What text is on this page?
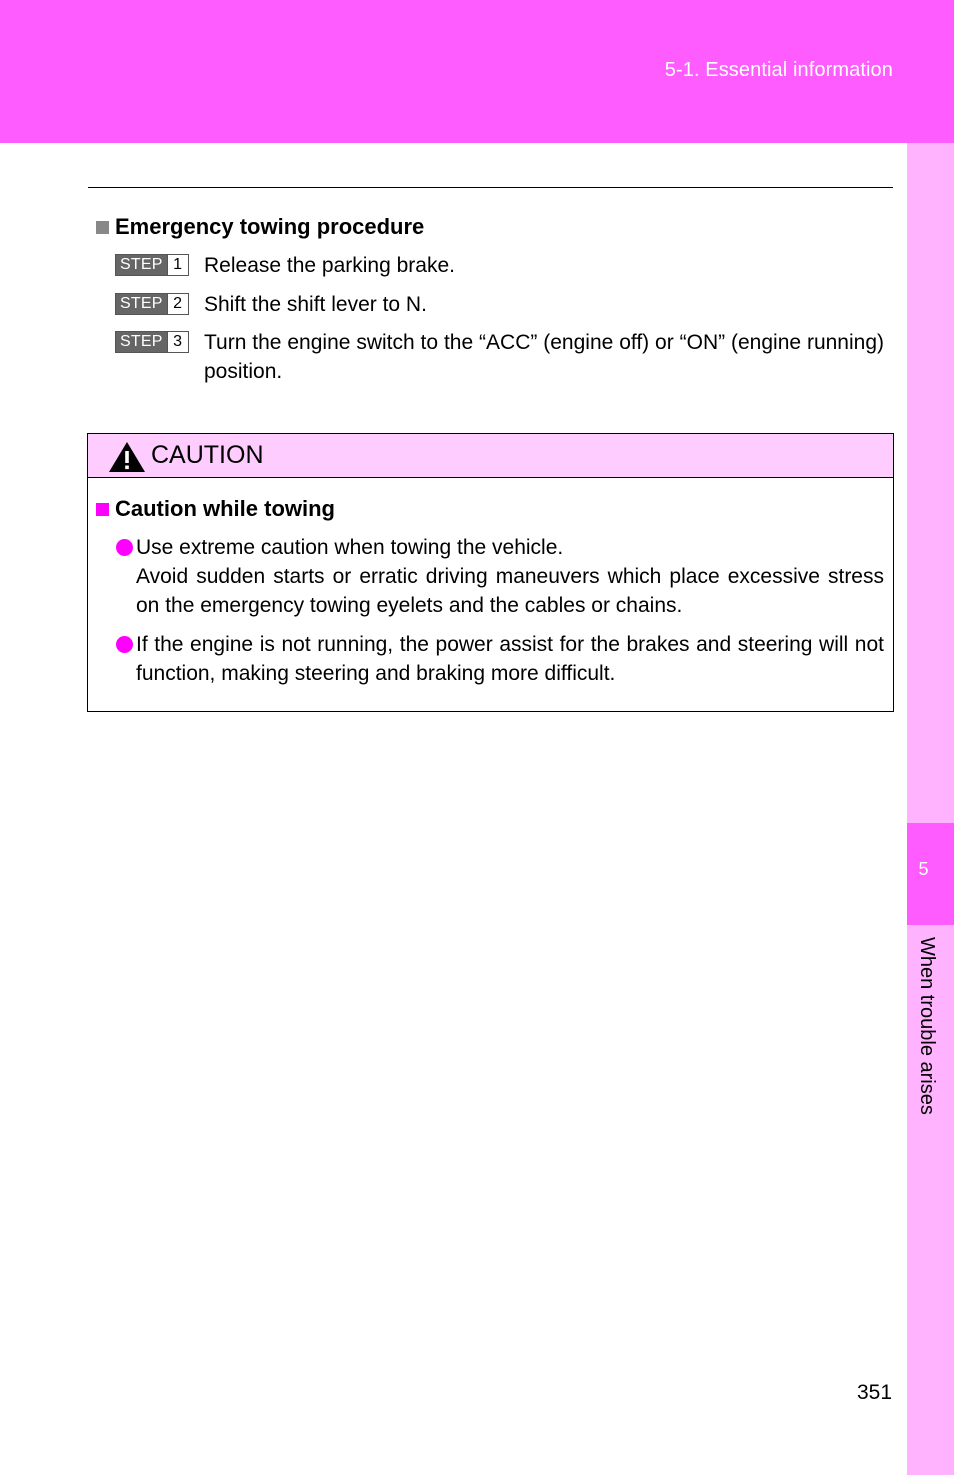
5-1. Essential information
5
When trouble arises
Emergency towing procedure
STEP 1 Release the parking brake.
STEP 2 Shift the shift lever to N.
STEP 3 Turn the engine switch to the “ACC” (engine off) or “ON” (engine running) position.
CAUTION
Caution while towing
Use extreme caution when towing the vehicle.
Avoid sudden starts or erratic driving maneuvers which place excessive stress on the emergency towing eyelets and the cables or chains.
If the engine is not running, the power assist for the brakes and steering will not function, making steering and braking more difficult.
351
